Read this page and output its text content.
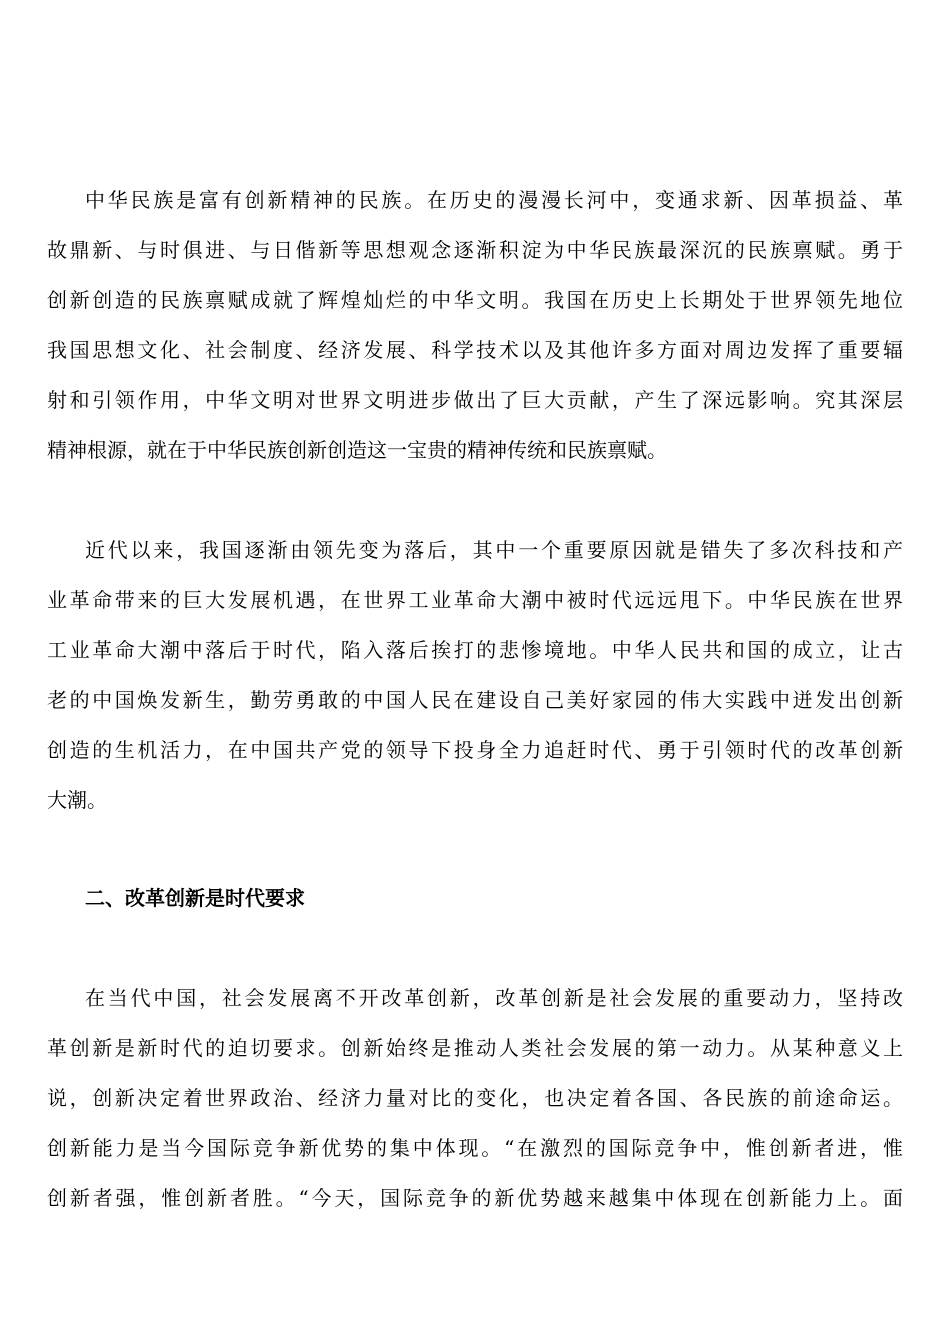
中华民族是富有创新精神的民族。在历史的漫漫长河中，变通求新、因革损益、革
故鼎新、与时俱进、与日偕新等思想观念逐渐积淀为中华民族最深沉的民族禀赋。勇于
创新创造的民族禀赋成就了辉煌灿烂的中华文明。我国在历史上长期处于世界领先地位
我国思想文化、社会制度、经济发展、科学技术以及其他许多方面对周边发挥了重要辐
射和引领作用，中华文明对世界文明进步做出了巨大贡献，产生了深远影响。究其深层
精神根源，就在于中华民族创新创造这一宝贵的精神传统和民族禀赋。
近代以来，我国逐渐由领先变为落后，其中一个重要原因就是错失了多次科技和产
业革命带来的巨大发展机遇，在世界工业革命大潮中被时代远远甩下。中华民族在世界
工业革命大潮中落后于时代，陷入落后挨打的悲惨境地。中华人民共和国的成立，让古
老的中国焕发新生，勤劳勇敢的中国人民在建设自己美好家园的伟大实践中迸发出创新
创造的生机活力，在中国共产党的领导下投身全力追赶时代、勇于引领时代的改革创新
大潮。
二、改革创新是时代要求
在当代中国，社会发展离不开改革创新，改革创新是社会发展的重要动力，坚持改
革创新是新时代的迫切要求。创新始终是推动人类社会发展的第一动力。从某种意义上
说，创新决定着世界政治、经济力量对比的变化，也决定着各国、各民族的前途命运。
创新能力是当今国际竞争新优势的集中体现。“在激烈的国际竞争中，惟创新者进，惟
创新者强，惟创新者胜。“今天，国际竞争的新优势越来越集中体现在创新能力上。面
